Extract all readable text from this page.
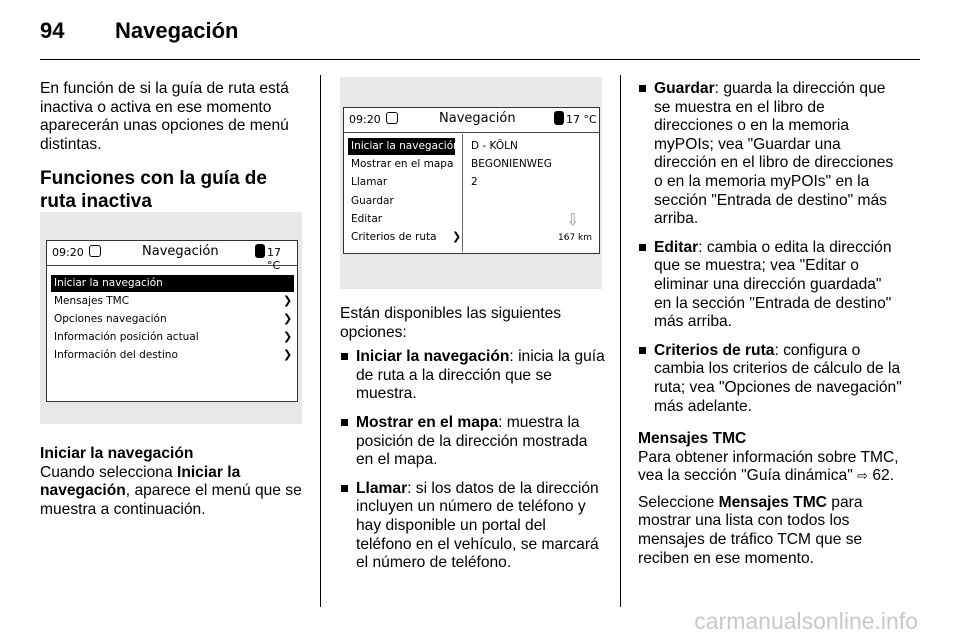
94 Navegación

En función de si la guía de ruta está inactiva o activa en ese momento aparecerán unas opciones de menú distintas.

Funciones con la guía de ruta inactiva

09:20	Navegación	17 °C
Iniciar la navegación
Mensajes TMC
Opciones navegación
Información posición actual
Información del destino
❯
❯
❯
❯

Iniciar la navegación

Cuando selecciona Iniciar la navegación, aparece el menú que se muestra a continuación.

09:20	Navegación	17 °C
Iniciar la navegación
Mostrar en el mapa
Llamar
Guardar
Editar
Criterios de ruta ❯
D - KÖLN
BEGONIENWEG
2
⇩
167 km

Están disponibles las siguientes opciones:

Iniciar la navegación: inicia la guía de ruta a la dirección que se muestra.
Mostrar en el mapa: muestra la posición de la dirección mostrada en el mapa.
Llamar: si los datos de la dirección incluyen un número de teléfono y hay disponible un portal del teléfono en el vehículo, se marcará el número de teléfono.
Guardar: guarda la dirección que se muestra en el libro de direcciones o en la memoria myPOIs; vea "Guardar una dirección en el libro de direcciones o en la memoria myPOIs" en la sección "Entrada de destino" más arriba.
Editar: cambia o edita la dirección que se muestra; vea "Editar o eliminar una dirección guardada" en la sección "Entrada de destino" más arriba.
Criterios de ruta: configura o cambia los criterios de cálculo de la ruta; vea "Opciones de navegación" más adelante.

Mensajes TMC

Para obtener información sobre TMC, vea la sección "Guía dinámica" ⇨ 62.

Seleccione Mensajes TMC para mostrar una lista con todos los mensajes de tráfico TCM que se reciben en ese momento.

carmanualsonline.info
